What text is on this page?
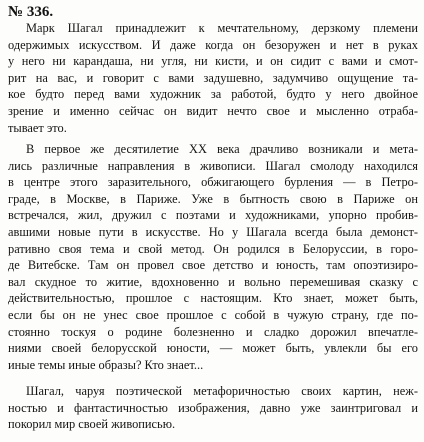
№ 336.
Марк Шагал принадлежит к мечтательному, дерзкому племени
одержимых искусством. И даже когда он безоружен и нет в руках
у него ни карандаша, ни угля, ни кисти, и он сидит с вами и смот-
рит на вас, и говорит с вами задушевно, задумчиво ощущение та-
кое будто перед вами художник за работой, будто у него двойное
зрение и именно сейчас он видит нечто свое и мысленно отраба-
тывает это.
В первое же десятилетие XX века драчливо возникали и мета-
лись различные направления в живописи. Шагал смолоду находился
в центре этого заразительного, обжигающего бурления — в Петро-
граде, в Москве, в Париже. Уже в бытность свою в Париже он
встречался, жил, дружил с поэтами и художниками, упорно пробив-
авшими новые пути в искусстве. Но у Шагала всегда была демонст-
ративно своя тема и свой метод. Он родился в Белоруссии, в горо-
де Витебске. Там он провел свое детство и юность, там опоэтизиро-
вал скудное то житие, вдохновенно и вольно перемешивая сказку с
действительностью, прошлое с настоящим. Кто знает, может быть,
если бы он не унес свое прошлое с собой в чужую страну, где по-
стоянно тоскуя о родине болезненно и сладко дорожил впечатле-
ниями своей белорусской юности, — может быть, увлекли бы его
иные темы иные образы? Кто знает...
Шагал, чаруя поэтической метафоричностью своих картин, неж-
ностью и фантастичностью изображения, давно уже заинтриговал и
покорил мир своей живописью.
